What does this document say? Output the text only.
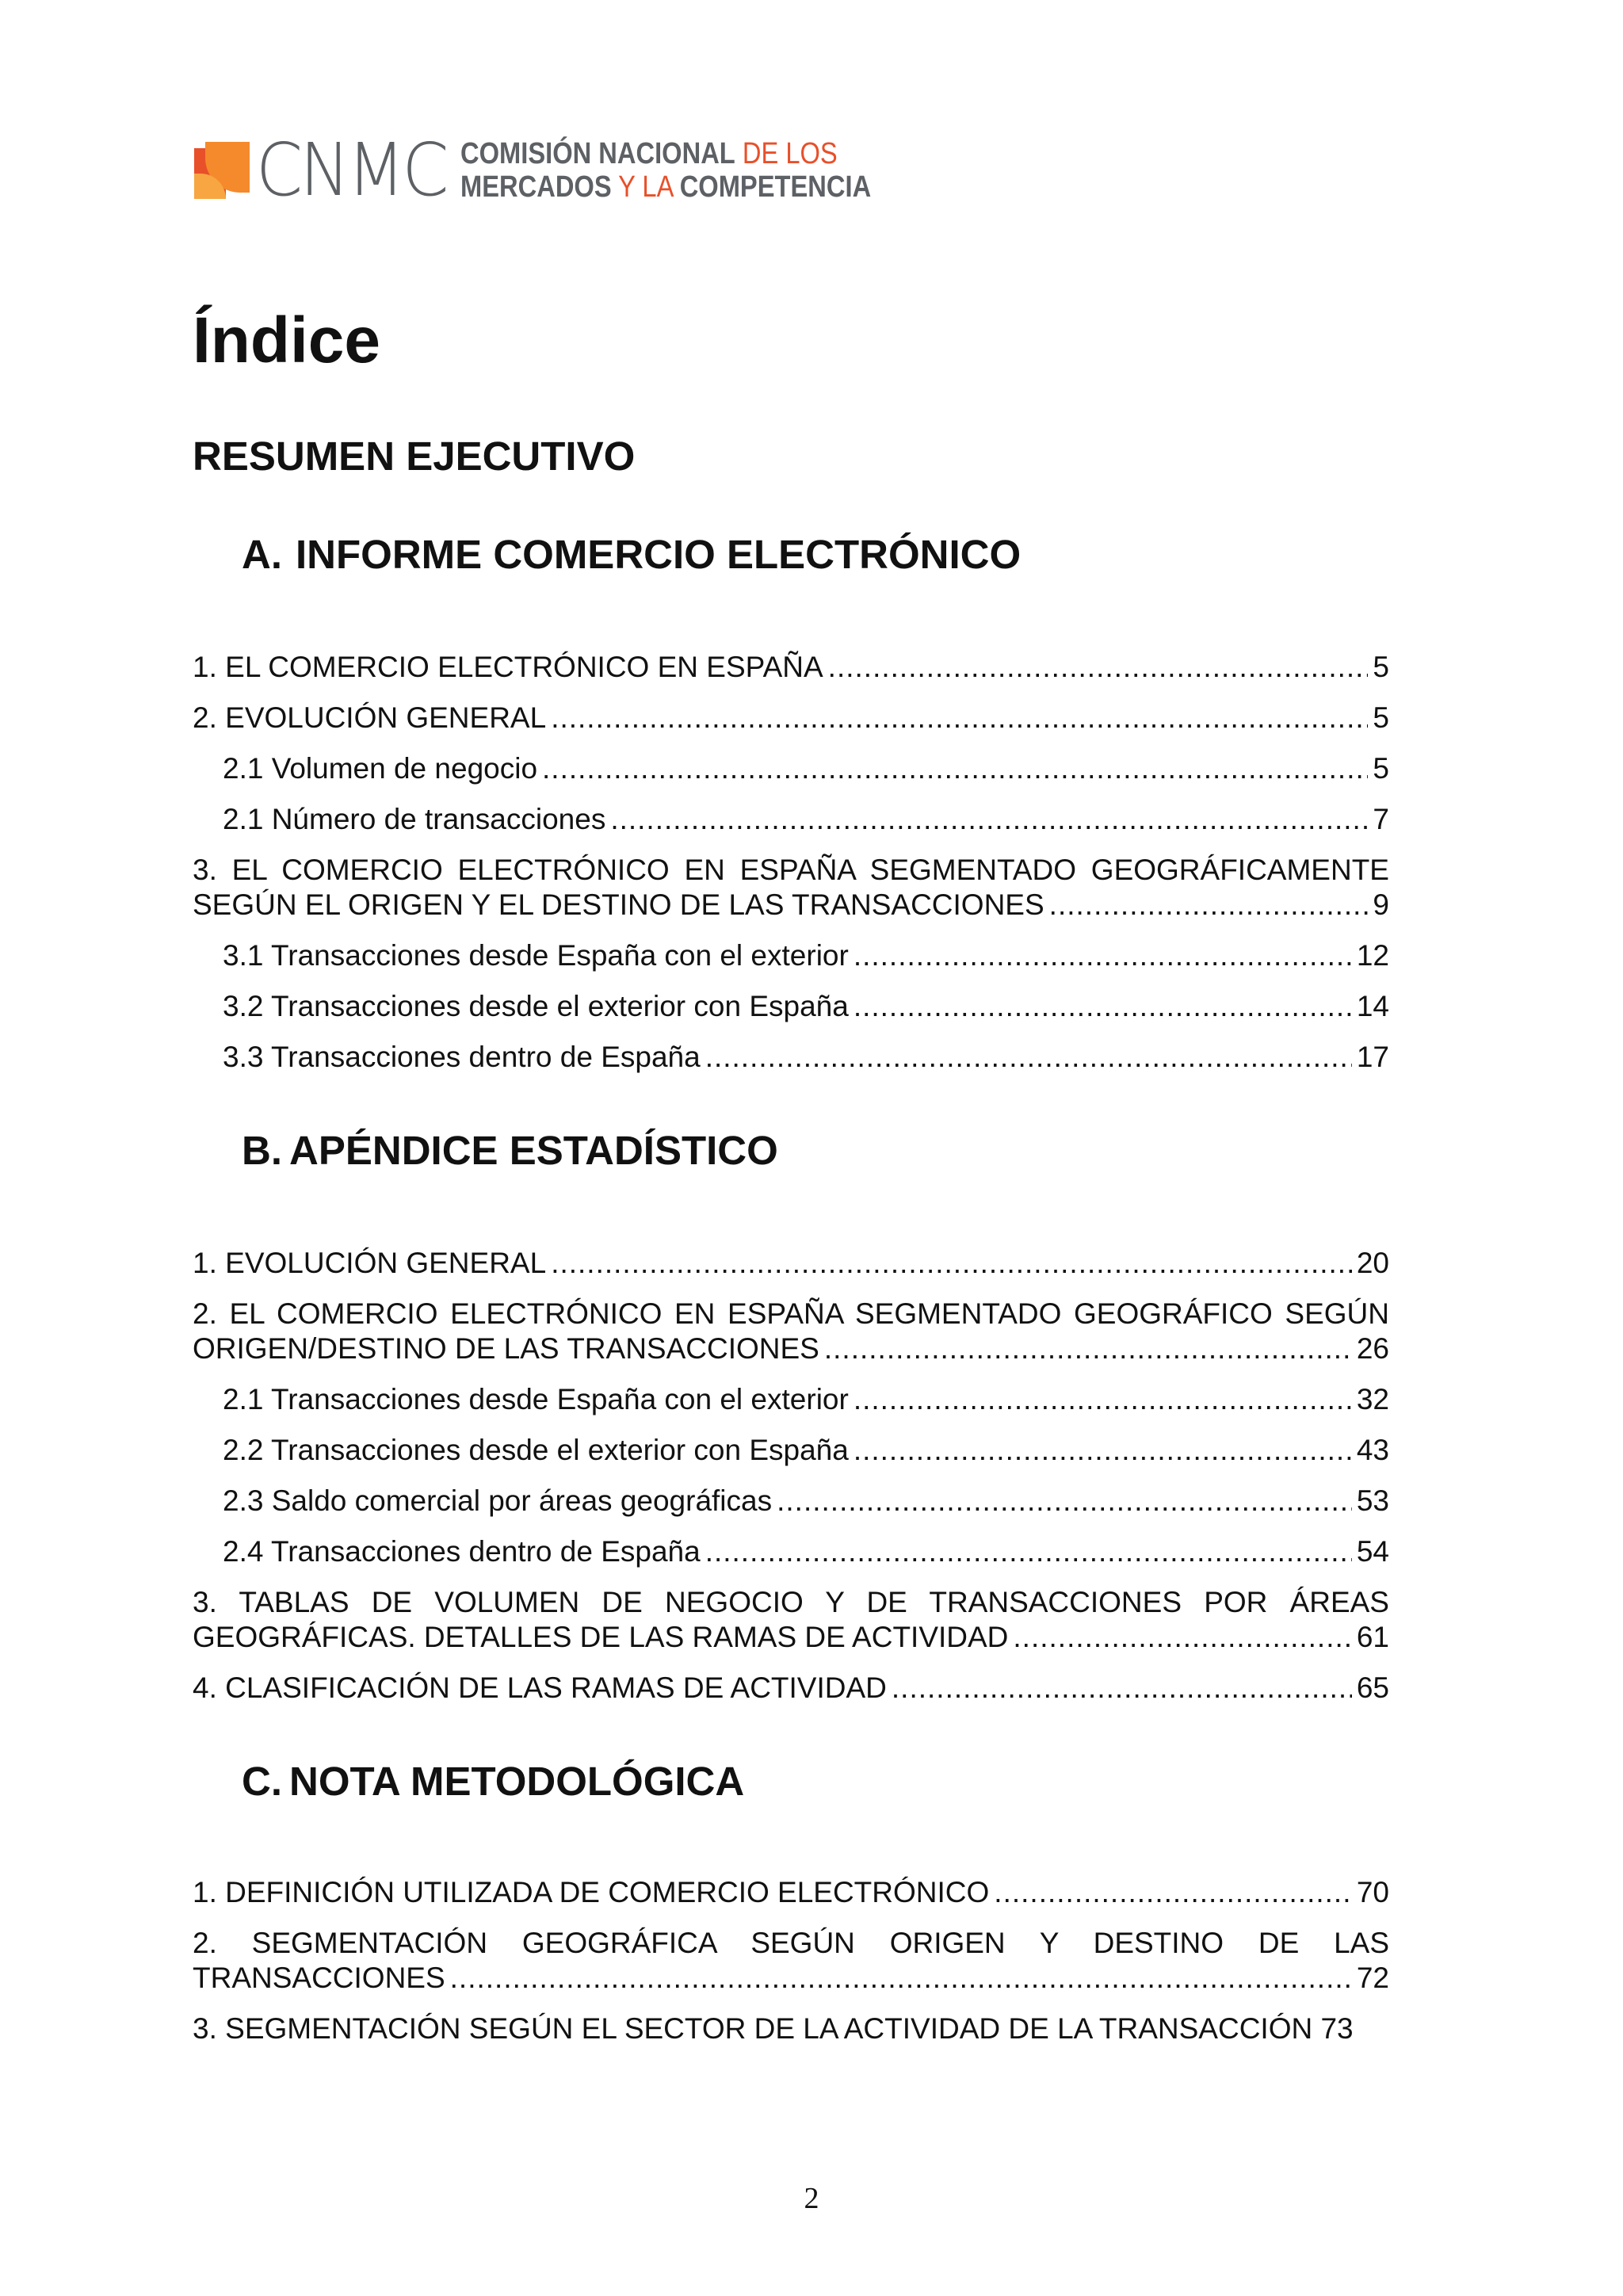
CNMC COMISIÓN NACIONAL DE LOS
MERCADOS Y LA COMPETENCIA
Índice
RESUMEN EJECUTIVO
A. INFORME COMERCIO ELECTRÓNICO
1. EL COMERCIO ELECTRÓNICO EN ESPAÑA .....	5
2. EVOLUCIÓN GENERAL .....	5
2.1 Volumen de negocio .....	5
2.1 Número de transacciones .....	7
3. EL COMERCIO ELECTRÓNICO EN ESPAÑA SEGMENTADO GEOGRÁFICAMENTE
SEGÚN EL ORIGEN Y EL DESTINO DE LAS TRANSACCIONES .....	9
3.1 Transacciones desde España con el exterior .....	12
3.2 Transacciones desde el exterior con España .....	14
3.3 Transacciones dentro de España .....	17
B. APÉNDICE ESTADÍSTICO
1. EVOLUCIÓN GENERAL .....	20
2. EL COMERCIO ELECTRÓNICO EN ESPAÑA SEGMENTADO GEOGRÁFICO SEGÚN
ORIGEN/DESTINO DE LAS TRANSACCIONES .....	26
2.1 Transacciones desde España con el exterior .....	32
2.2 Transacciones desde el exterior con España .....	43
2.3 Saldo comercial por áreas geográficas .....	53
2.4 Transacciones dentro de España .....	54
3. TABLAS DE VOLUMEN DE NEGOCIO Y DE TRANSACCIONES POR ÁREAS
GEOGRÁFICAS. DETALLES DE LAS RAMAS DE ACTIVIDAD .....	61
4. CLASIFICACIÓN DE LAS RAMAS DE ACTIVIDAD .....	65
C. NOTA METODOLÓGICA
1. DEFINICIÓN UTILIZADA DE COMERCIO ELECTRÓNICO .....	70
2. SEGMENTACIÓN GEOGRÁFICA SEGÚN ORIGEN Y DESTINO DE LAS
TRANSACCIONES .....	72
3. SEGMENTACIÓN SEGÚN EL SECTOR DE LA ACTIVIDAD DE LA TRANSACCIÓN 73
2
